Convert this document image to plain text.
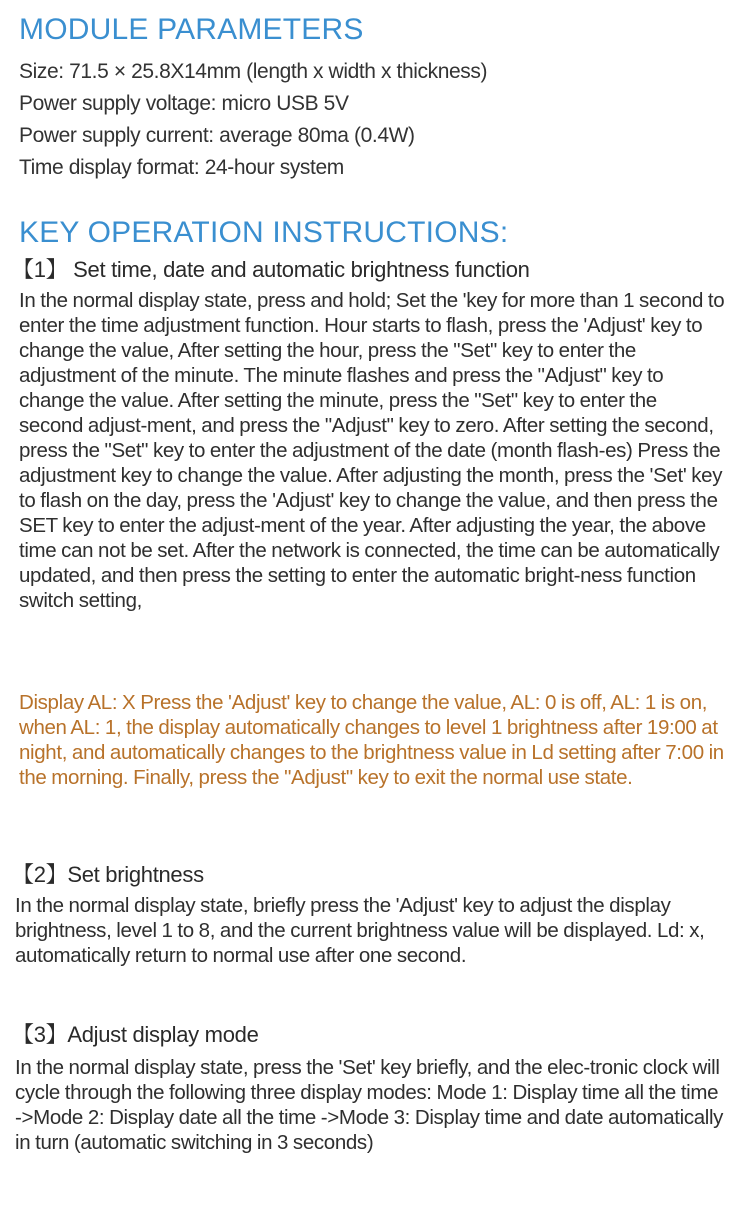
MODULE PARAMETERS
Size: 71.5 × 25.8X14mm (length x width x thickness)
Power supply voltage: micro USB 5V
Power supply current: average 80ma (0.4W)
Time display format: 24-hour system
KEY OPERATION INSTRUCTIONS:
【1】 Set time, date and automatic brightness function

In the normal display state, press and hold; Set the 'key for more than 1 second to enter the time adjustment function. Hour starts to flash, press the 'Adjust' key to change the value, After setting the hour, press the "Set" key to enter the adjustment of the minute. The minute flashes and press the "Adjust" key to change the value. After setting the minute, press the "Set" key to enter the second adjust-ment, and press the "Adjust" key to zero. After setting the second, press the "Set" key to enter the adjustment of the date (month flash-es) Press the adjustment key to change the value. After adjusting the month, press the 'Set' key to flash on the day, press the 'Adjust' key to change the value, and then press the SET key to enter the adjust-ment of the year. After adjusting the year, the above time can not be set. After the network is connected, the time can be automatically updated, and then press the setting to enter the automatic bright-ness function switch setting,

Display AL: X Press the 'Adjust' key to change the value, AL: 0 is off, AL: 1 is on, when AL: 1, the display automatically changes to level 1 brightness after 19:00 at night, and automatically changes to the brightness value in Ld setting after 7:00 in the morning. Finally, press the "Adjust" key to exit the normal use state.

【2】Set brightness

In the normal display state, briefly press the 'Adjust' key to adjust the display brightness, level 1 to 8, and the current brightness value will be displayed. Ld: x, automatically return to normal use after one second.

【3】Adjust display mode

In the normal display state, press the 'Set' key briefly, and the elec-tronic clock will cycle through the following three display modes: Mode 1: Display time all the time ->Mode 2: Display date all the time ->Mode 3: Display time and date automatically in turn (automatic switching in 3 seconds)
